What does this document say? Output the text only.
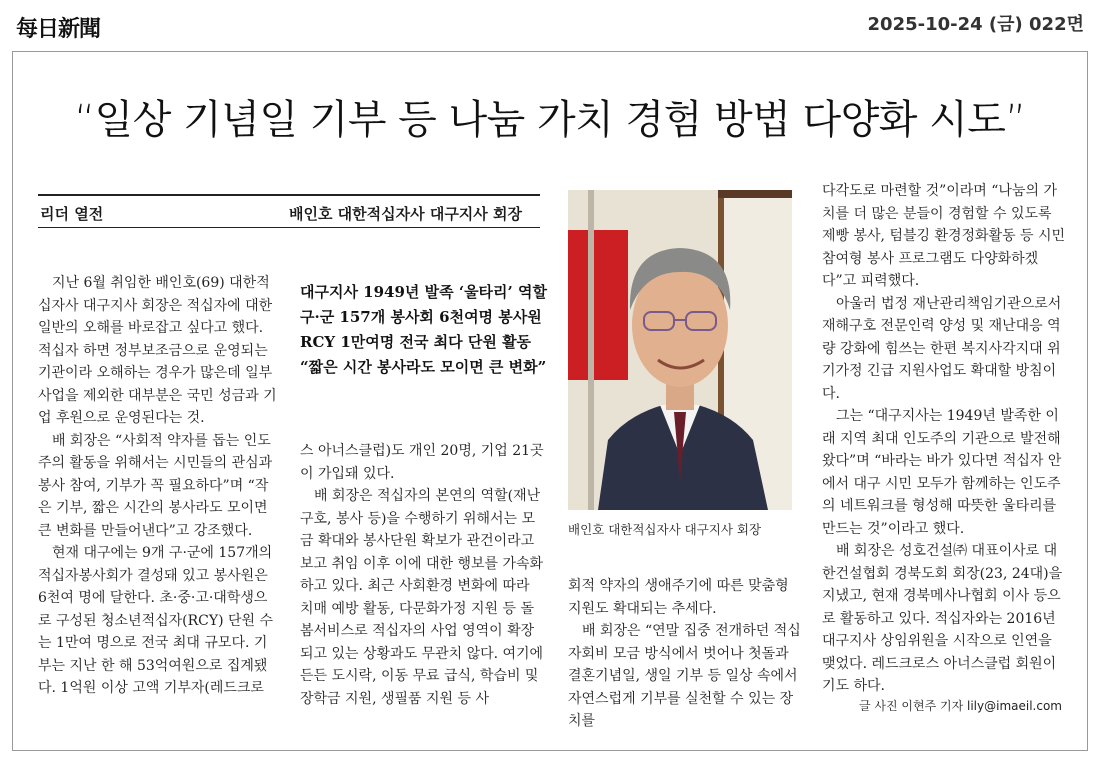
每日新聞	2025-10-24 (금) 022면
“일상 기념일 기부 등 나눔 가치 경험 방법 다양화 시도”
리더 열전	배인호 대한적십자사 대구지사 회장

지난 6월 취임한 배인호(69) 대한적십자사 대구지사 회장은 적십자에 대한 일반의 오해를 바로잡고 싶다고 했다. 적십자 하면 정부보조금으로 운영되는 기관이라 오해하는 경우가 많은데 일부 사업을 제외한 대부분은 국민 성금과 기업 후원으로 운영된다는 것.

배 회장은 “사회적 약자를 돕는 인도주의 활동을 위해서는 시민들의 관심과 봉사 참여, 기부가 꼭 필요하다”며 “작은 기부, 짧은 시간의 봉사라도 모이면 큰 변화를 만들어낸다”고 강조했다.

현재 대구에는 9개 구·군에 157개의 적십자봉사회가 결성돼 있고 봉사원은 6천여 명에 달한다. 초·중·고·대학생으로 구성된 청소년적십자(RCY) 단원 수는 1만여 명으로 전국 최대 규모다. 기부는 지난 한 해 53억여원으로 집계됐다. 1억원 이상 고액 기부자(레드크로

대구지사 1949년 발족 ‘울타리’ 역할
구·군 157개 봉사회 6천여명 봉사원
RCY 1만여명 전국 최다 단원 활동
“짧은 시간 봉사라도 모이면 큰 변화”

스 아너스클럽)도 개인 20명, 기업 21곳이 가입돼 있다.

배 회장은 적십자의 본연의 역할(재난 구호, 봉사 등)을 수행하기 위해서는 모금 확대와 봉사단원 확보가 관건이라고 보고 취임 이후 이에 대한 행보를 가속화하고 있다. 최근 사회환경 변화에 따라 치매 예방 활동, 다문화가정 지원 등 돌봄서비스로 적십자의 사업 영역이 확장되고 있는 상황과도 무관치 않다. 여기에 든든 도시락, 이동 무료 급식, 학습비 및 장학금 지원, 생필품 지원 등 사

배인호 대한적십자사 대구지사 회장

회적 약자의 생애주기에 따른 맞춤형 지원도 확대되는 추세다.

배 회장은 “연말 집중 전개하던 적십자회비 모금 방식에서 벗어나 첫돌과 결혼기념일, 생일 기부 등 일상 속에서 자연스럽게 기부를 실천할 수 있는 장치를

다각도로 마련할 것”이라며 “나눔의 가치를 더 많은 분들이 경험할 수 있도록 제빵 봉사, 텀블깅 환경정화활동 등 시민 참여형 봉사 프로그램도 다양화하겠다”고 피력했다.

아울러 법정 재난관리책임기관으로서 재해구호 전문인력 양성 및 재난대응 역량 강화에 힘쓰는 한편 복지사각지대 위기가정 긴급 지원사업도 확대할 방침이다.

그는 “대구지사는 1949년 발족한 이래 지역 최대 인도주의 기관으로 발전해 왔다”며 “바라는 바가 있다면 적십자 안에서 대구 시민 모두가 함께하는 인도주의 네트워크를 형성해 따뜻한 울타리를 만드는 것”이라고 했다.

배 회장은 성호건설㈜ 대표이사로 대한건설협회 경북도회 회장(23, 24대)을 지냈고, 현재 경북메사나협회 이사 등으로 활동하고 있다. 적십자와는 2016년 대구지사 상임위원을 시작으로 인연을 맺었다. 레드크로스 아너스클럽 회원이기도 하다.

글 사진 이현주 기자 lily@imaeil.com
